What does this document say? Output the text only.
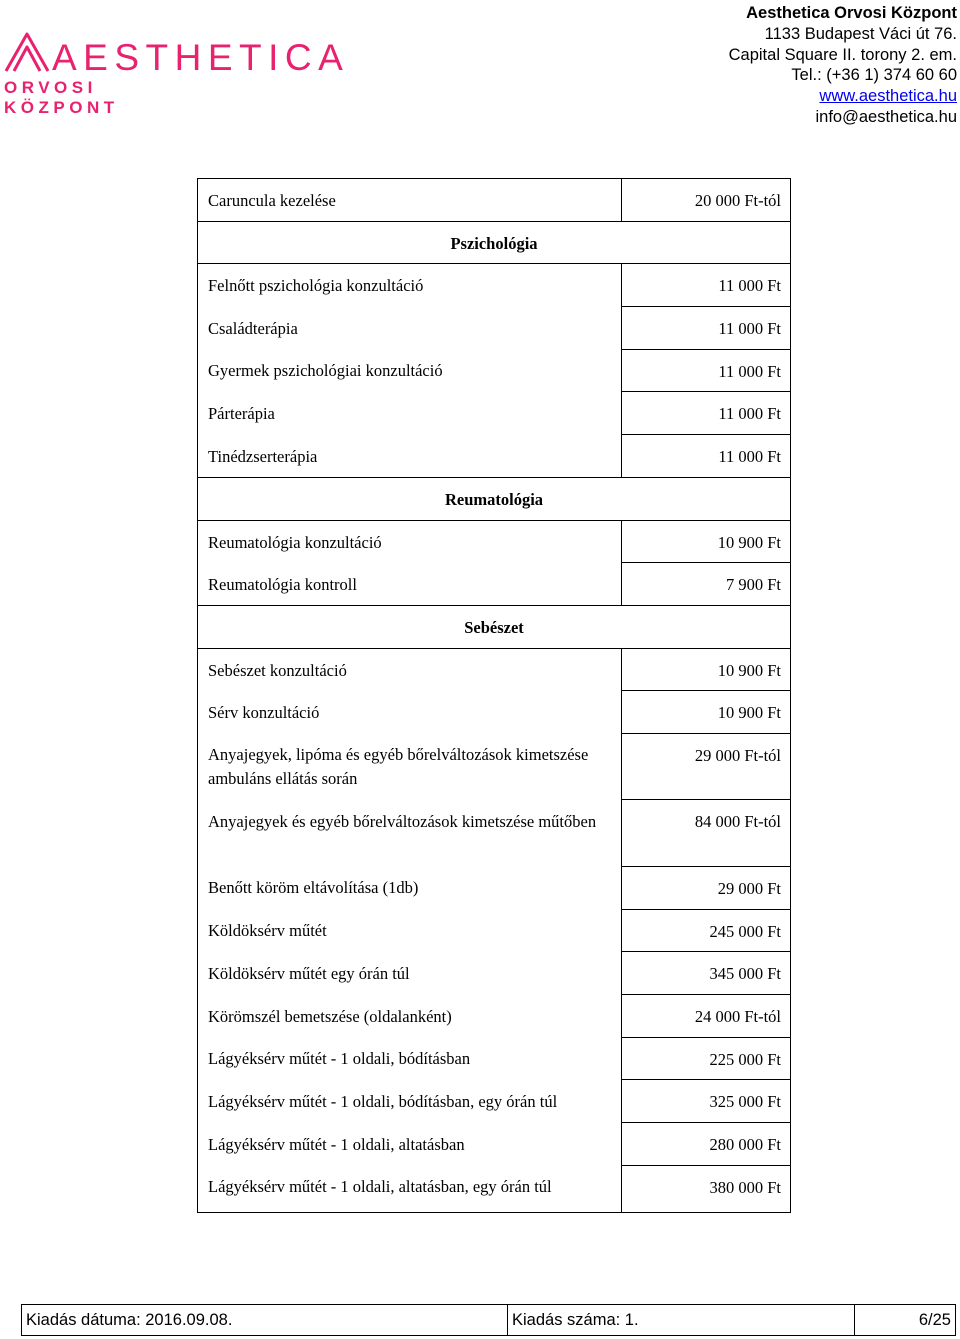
AESTHETICA
ORVOSI
KÖZPONT
Aesthetica Orvosi Központ
1133 Budapest Váci út 76.
Capital Square II. torony 2. em.
Tel.: (+36 1) 374 60 60
www.aesthetica.hu
info@aesthetica.hu
Caruncula kezelése	20 000 Ft-tól
Pszichológia	
Felnőtt pszichológia konzultáció	11 000 Ft
Családterápia	11 000 Ft
Gyermek pszichológiai konzultáció	11 000 Ft
Párterápia	11 000 Ft
Tinédzserterápia	11 000 Ft
Reumatológia	
Reumatológia konzultáció	10 900 Ft
Reumatológia kontroll	7 900 Ft
Sebészet	
Sebészet konzultáció	10 900 Ft
Sérv konzultáció	10 900 Ft
Anyajegyek, lipóma és egyéb bőrelváltozások kimetszése ambuláns ellátás során	29 000 Ft-tól
Anyajegyek és egyéb bőrelváltozások kimetszése műtőben	84 000 Ft-tól
Benőtt köröm eltávolítása (1db)	29 000 Ft
Köldöksérv műtét	245 000 Ft
Köldöksérv műtét egy órán túl	345 000 Ft
Körömszél bemetszése (oldalanként)	24 000 Ft-tól
Lágyéksérv műtét - 1 oldali, bódításban	225 000 Ft
Lágyéksérv műtét - 1 oldali, bódításban, egy órán túl	325 000 Ft
Lágyéksérv műtét - 1 oldali, altatásban	280 000 Ft
Lágyéksérv műtét - 1 oldali, altatásban, egy órán túl	380 000 Ft
Kiadás dátuma: 2016.09.08.	Kiadás száma: 1.	6/25
